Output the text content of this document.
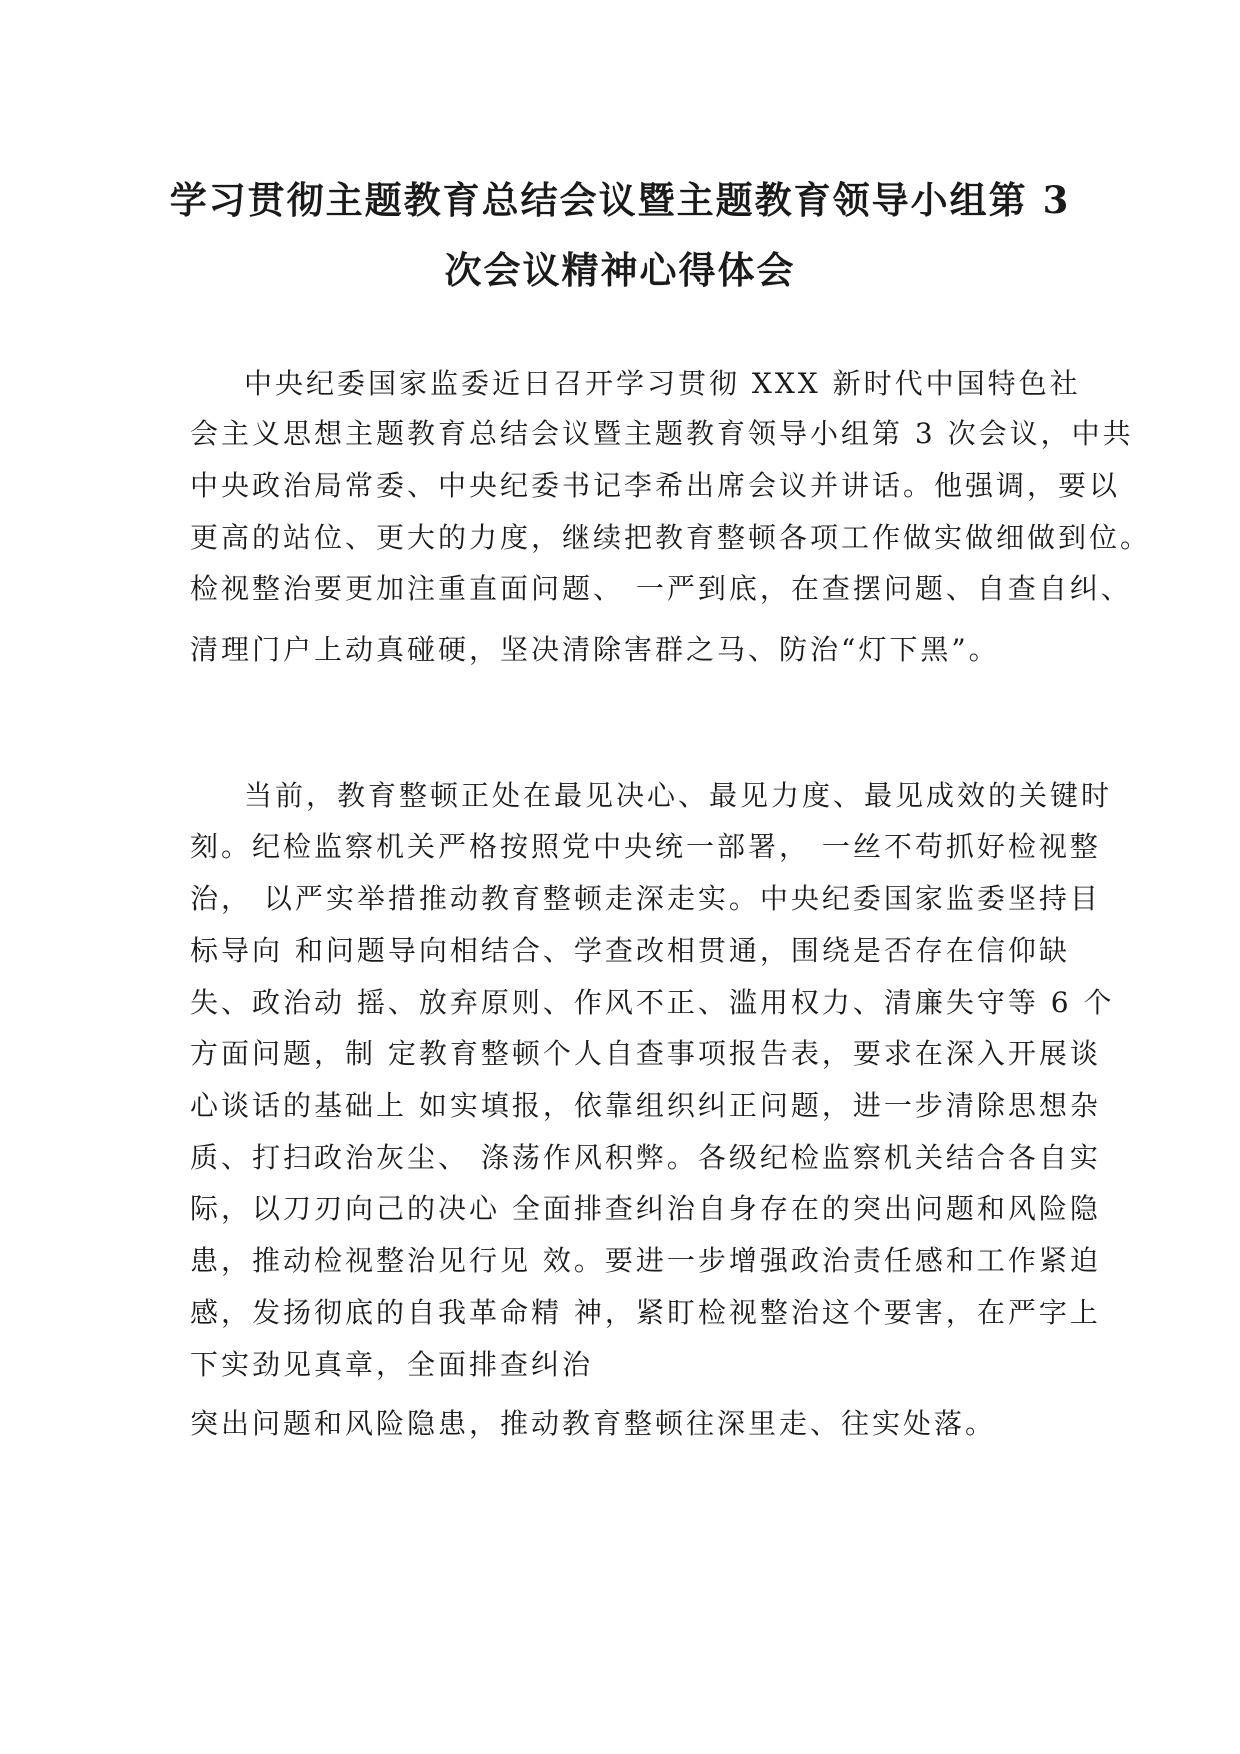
学习贯彻主题教育总结会议暨主题教育领导小组第 3
次会议精神心得体会
中央纪委国家监委近日召开学习贯彻 XXX 新时代中国特色社
会主义思想主题教育总结会议暨主题教育领导小组第 3 次会议，中共
中央政治局常委、中央纪委书记李希出席会议并讲话。他强调，要以
更高的站位、更大的力度，继续把教育整顿各项工作做实做细做到位。
检视整治要更加注重直面问题、 一严到底，在查摆问题、自查自纠、
清理门户上动真碰硬，坚决清除害群之马、防治“灯下黑”。
当前，教育整顿正处在最见决心、最见力度、最见成效的关键时
刻。纪检监察机关严格按照党中央统一部署， 一丝不苟抓好检视整
治， 以严实举措推动教育整顿走深走实。中央纪委国家监委坚持目
标导向 和问题导向相结合、学查改相贯通，围绕是否存在信仰缺
失、政治动 摇、放弃原则、作风不正、滥用权力、清廉失守等 6 个
方面问题，制 定教育整顿个人自查事项报告表，要求在深入开展谈
心谈话的基础上 如实填报，依靠组织纠正问题，进一步清除思想杂
质、打扫政治灰尘、 涤荡作风积弊。各级纪检监察机关结合各自实
际，以刀刃向己的决心 全面排查纠治自身存在的突出问题和风险隐
患，推动检视整治见行见 效。要进一步增强政治责任感和工作紧迫
感，发扬彻底的自我革命精 神，紧盯检视整治这个要害，在严字上
下实劲见真章，全面排查纠治
突出问题和风险隐患，推动教育整顿往深里走、往实处落。
